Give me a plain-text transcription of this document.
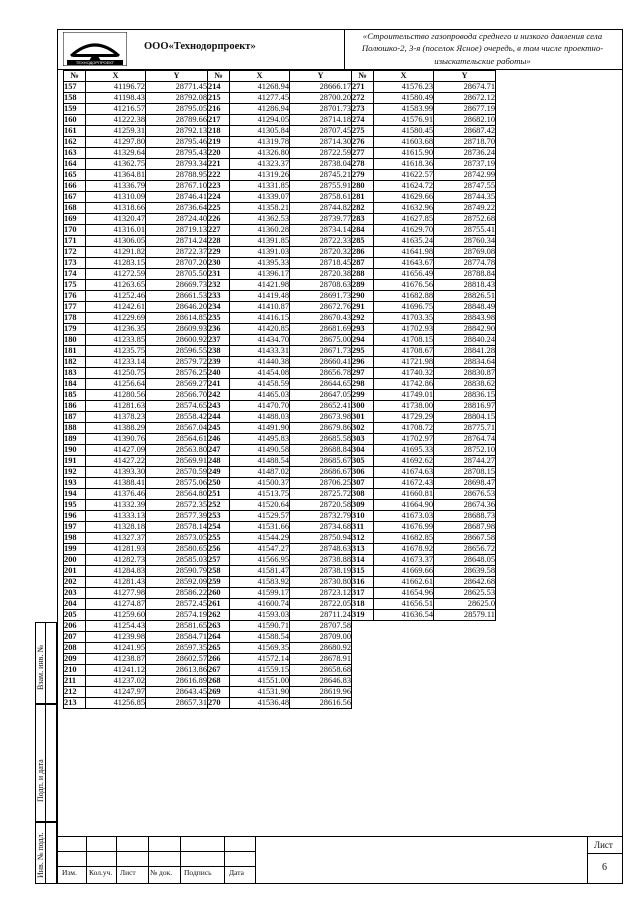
ТЕХНОДОРПРОЕКТ
ООО«Технодорпроект»
«Строительство газопровода среднего и низкого давления села Полюшко-2, 3-я (поселок Ясное) очередь, в том числе проектно-изыскательские работы»
№	X	Y	№	X	Y	№	X	Y
157	41196.72	28771.45	214	41268.94	28666.17	271	41576.23	28674.71
158	41198.43	28792.08	215	41277.45	28700.20	272	41580.49	28672.12
159	41216.57	28795.05	216	41286.94	28701.73	273	41583.99	28677.19
160	41222.38	28789.66	217	41294.05	28714.18	274	41576.91	28682.10
161	41259.31	28792.13	218	41305.84	28707.45	275	41580.45	28687.42
162	41297.80	28795.46	219	41319.78	28714.30	276	41603.68	28718.70
163	41329.64	28795.43	220	41326.80	28722.59	277	41615.90	28736.24
164	41362.75	28793.34	221	41323.37	28738.04	278	41618.36	28737.19
165	41364.81	28788.95	222	41319.26	28745.21	279	41622.57	28742.99
166	41336.79	28767.10	223	41331.85	28755.91	280	41624.72	28747.55
167	41310.09	28746.41	224	41339.07	28758.61	281	41629.66	28744.35
168	41318.66	28736.64	225	41358.21	28744.82	282	41632.96	28749.22
169	41320.47	28724.40	226	41362.53	28739.77	283	41627.85	28752.68
170	41316.01	28719.13	227	41360.28	28734.14	284	41629.70	28755.41
171	41306.05	28714.24	228	41391.85	28722.33	285	41635.24	28760.34
172	41291.82	28722.37	229	41391.03	28720.32	286	41641.98	28769.08
173	41283.15	28707.20	230	41395.33	28718.45	287	41643.67	28774.78
174	41272.59	28705.50	231	41396.17	28720.38	288	41656.49	28788.84
175	41263.65	28669.73	232	41421.98	28708.63	289	41676.56	28818.43
176	41252.46	28661.53	233	41419.48	28691.73	290	41682.88	28826.51
177	41242.61	28646.20	234	41410.87	28672.76	291	41696.75	28848.49
178	41229.69	28614.85	235	41416.15	28670.43	292	41703.35	28843.98
179	41236.35	28609.93	236	41420.85	28681.69	293	41702.93	28842.90
180	41233.85	28600.92	237	41434.70	28675.00	294	41708.15	28840.24
181	41235.75	28596.55	238	41433.31	28671.73	295	41708.67	28841.28
182	41233.14	28579.72	239	41440.38	28660.41	296	41721.98	28834.64
183	41250.75	28576.25	240	41454.08	28656.78	297	41740.32	28830.87
184	41256.64	28569.27	241	41458.59	28644.65	298	41742.86	28838.62
185	41280.56	28566.70	242	41465.03	28647.05	299	41749.01	28836.15
186	41281.63	28574.65	243	41470.70	28652.41	300	41738.00	28816.97
187	41378.23	28558.42	244	41488.03	28673.98	301	41729.29	28804.15
188	41388.29	28567.04	245	41491.90	28679.86	302	41708.72	28775.71
189	41390.76	28564.61	246	41495.83	28685.58	303	41702.97	28764.74
190	41427.09	28563.80	247	41490.58	28688.84	304	41695.33	28752.10
191	41427.22	28569.91	248	41488.54	28685.67	305	41692.62	28744.27
192	41393.30	28570.59	249	41487.02	28686.67	306	41674.63	28708.15
193	41388.41	28575.06	250	41500.37	28706.25	307	41672.43	28698.47
194	41376.46	28564.80	251	41513.75	28725.72	308	41660.81	28676.53
195	41332.39	28572.35	252	41520.64	28720.58	309	41664.90	28674.36
196	41333.13	28577.39	253	41529.57	28732.79	310	41673.03	28688.73
197	41328.18	28578.14	254	41531.66	28734.68	311	41676.99	28687.98
198	41327.37	28573.05	255	41544.29	28750.94	312	41682.85	28667.58
199	41281.93	28580.65	256	41547.27	28748.63	313	41678.92	28656.72
200	41282.73	28585.03	257	41566.95	28738.88	314	41673.37	28648.05
201	41284.83	28590.79	258	41581.47	28738.19	315	41669.66	28639.58
202	41281.43	28592.09	259	41583.92	28730.80	316	41662.61	28642.68
203	41277.98	28586.22	260	41599.17	28723.12	317	41654.96	28625.53
204	41274.87	28572.45	261	41600.74	28722.05	318	41656.51	28625.0
205	41259.60	28574.19	262	41593.03	28711.24	319	41636.54	28579.11
206	41254.43	28581.65	263	41590.71	28707.58			
207	41239.98	28584.71	264	41588.54	28709.00			
208	41241.95	28597.35	265	41569.35	28680.92			
209	41238.87	28602.57	266	41572.14	28678.91			
210	41241.12	28613.86	267	41559.15	28658.68			
211	41237.02	28616.89	268	41551.00	28646.83			
212	41247.97	28643.45	269	41531.90	28619.96			
213	41256.85	28657.31	270	41536.48	28616.56			
Взам. инв. №
Подп. и дата
Инв. № подл. Изм. Кол.уч. Лист № док. Подпись Дата
Лист
6
